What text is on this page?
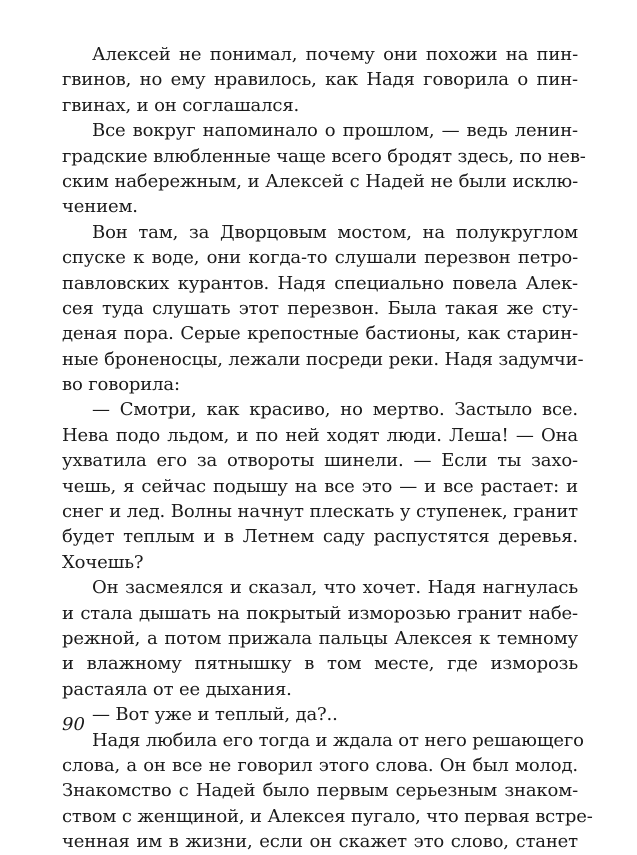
Алексей не понимал, почему они похожи на пин-
гвинов, но ему нравилось, как Надя говорила о пин-
гвинах, и он соглашался.
Все вокруг напоминало о прошлом, — ведь ленин-
градские влюбленные чаще всего бродят здесь, по нев-
ским набережным, и Алексей с Надей не были исклю-
чением.
Вон там, за Дворцовым мостом, на полукруглом
спуске к воде, они когда-то слушали перезвон петро-
павловских курантов. Надя специально повела Алек-
сея туда слушать этот перезвон. Была такая же сту-
деная пора. Серые крепостные бастионы, как старин-
ные броненосцы, лежали посреди реки. Надя задумчи-
во говорила:
— Смотри, как красиво, но мертво. Застыло все.
Нева подо льдом, и по ней ходят люди. Леша! — Она
ухватила его за отвороты шинели. — Если ты захо-
чешь, я сейчас подышу на все это — и все растает: и
снег и лед. Волны начнут плескать у ступенек, гранит
будет теплым и в Летнем саду распустятся деревья.
Хочешь?
Он засмеялся и сказал, что хочет. Надя нагнулась
и стала дышать на покрытый изморозью гранит набе-
режной, а потом прижала пальцы Алексея к темному
и влажному пятнышку в том месте, где изморозь
растаяла от ее дыхания.
— Вот уже и теплый, да?..
Надя любила его тогда и ждала от него решающего
слова, а он все не говорил этого слова. Он был молод.
Знакомство с Надей было первым серьезным знаком-
ством с женщиной, и Алексея пугало, что первая встре-
ченная им в жизни, если он скажет это слово, станет
90
